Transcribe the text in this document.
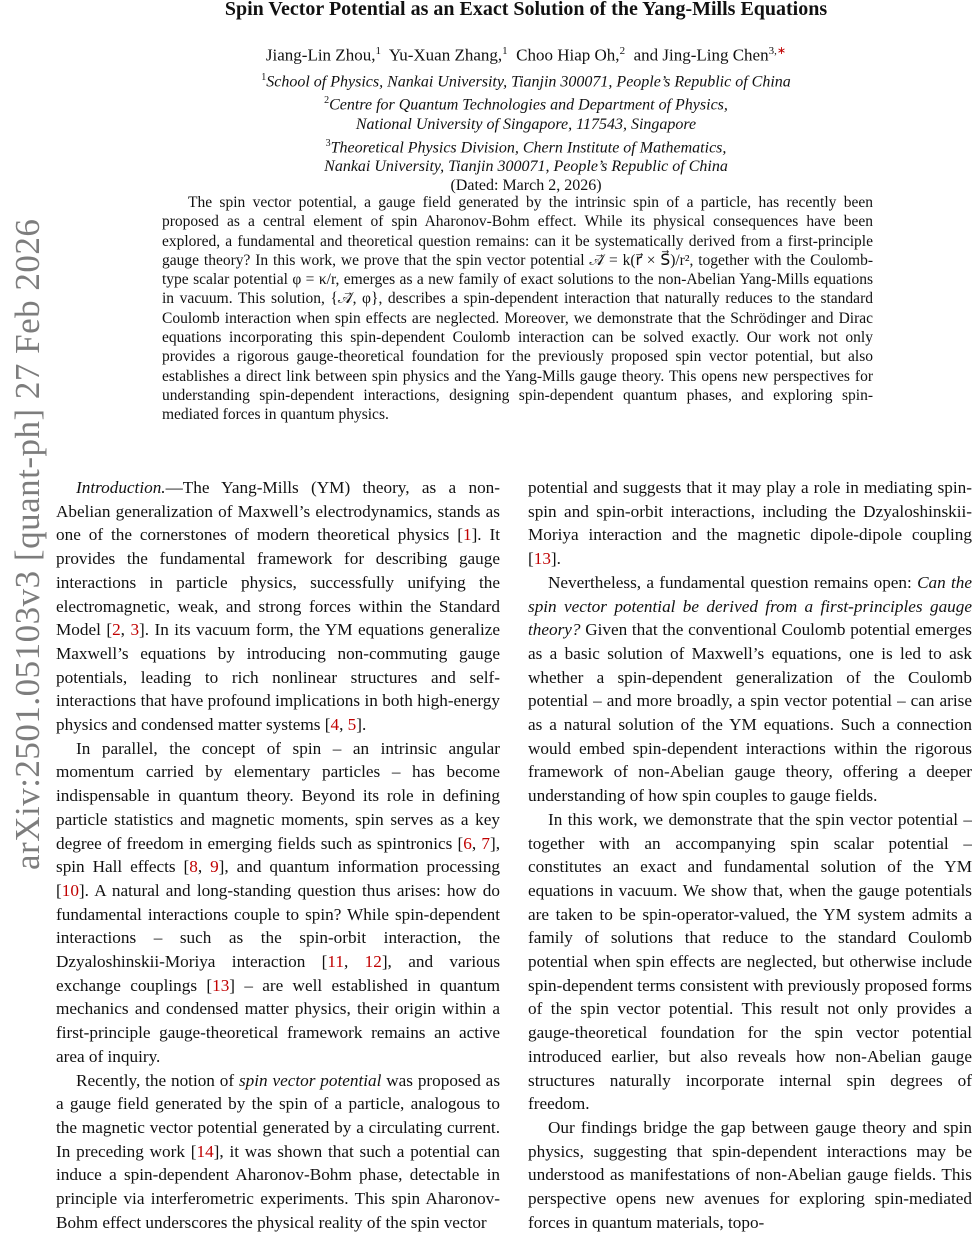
arXiv:2501.05103v3 [quant-ph] 27 Feb 2026
Spin Vector Potential as an Exact Solution of the Yang-Mills Equations
Jiang-Lin Zhou,$^1$ Yu-Xuan Zhang,$^1$ Choo Hiap Oh,$^2$ and Jing-Ling Chen$^{3,∗}$
$^1$School of Physics, Nankai University, Tianjin 300071, People’s Republic of China
$^2$Centre for Quantum Technologies and Department of Physics,
National University of Singapore, 117543, Singapore
$^3$Theoretical Physics Division, Chern Institute of Mathematics,
Nankai University, Tianjin 300071, People’s Republic of China
(Dated: March 2, 2026)
The spin vector potential, a gauge field generated by the intrinsic spin of a particle, has recently been proposed as a central element of spin Aharonov-Bohm effect. While its physical consequences have been explored, a fundamental and theoretical question remains: can it be systematically derived from a first-principle gauge theory? In this work, we prove that the spin vector potential 𝒜⃗ = k(r⃗ × S⃗)/r², together with the Coulomb-type scalar potential φ = κ/r, emerges as a new family of exact solutions to the non-Abelian Yang-Mills equations in vacuum. This solution, {𝒜⃗, φ}, describes a spin-dependent interaction that naturally reduces to the standard Coulomb interaction when spin effects are neglected. Moreover, we demonstrate that the Schrödinger and Dirac equations incorporating this spin-dependent Coulomb interaction can be solved exactly. Our work not only provides a rigorous gauge-theoretical foundation for the previously proposed spin vector potential, but also establishes a direct link between spin physics and the Yang-Mills gauge theory. This opens new perspectives for understanding spin-dependent interactions, designing spin-dependent quantum phases, and exploring spin-mediated forces in quantum physics.

Introduction.—The Yang-Mills (YM) theory, as a non-Abelian generalization of Maxwell’s electrodynamics, stands as one of the cornerstones of modern theoretical physics [1]. It provides the fundamental framework for describing gauge interactions in particle physics, successfully unifying the electromagnetic, weak, and strong forces within the Standard Model [2, 3]. In its vacuum form, the YM equations generalize Maxwell’s equations by introducing non-commuting gauge potentials, leading to rich nonlinear structures and self-interactions that have profound implications in both high-energy physics and condensed matter systems [4, 5].

In parallel, the concept of spin – an intrinsic angular momentum carried by elementary particles – has become indispensable in quantum theory. Beyond its role in defining particle statistics and magnetic moments, spin serves as a key degree of freedom in emerging fields such as spintronics [6, 7], spin Hall effects [8, 9], and quantum information processing [10]. A natural and long-standing question thus arises: how do fundamental interactions couple to spin? While spin-dependent interactions – such as the spin-orbit interaction, the Dzyaloshinskii-Moriya interaction [11, 12], and various exchange couplings [13] – are well established in quantum mechanics and condensed matter physics, their origin within a first-principle gauge-theoretical framework remains an active area of inquiry.

Recently, the notion of spin vector potential was proposed as a gauge field generated by the spin of a particle, analogous to the magnetic vector potential generated by a circulating current. In preceding work [14], it was shown that such a potential can induce a spin-dependent Aharonov-Bohm phase, detectable in principle via interferometric experiments. This spin Aharonov-Bohm effect underscores the physical reality of the spin vector

potential and suggests that it may play a role in mediating spin-spin and spin-orbit interactions, including the Dzyaloshinskii-Moriya interaction and the magnetic dipole-dipole coupling [13].

Nevertheless, a fundamental question remains open: Can the spin vector potential be derived from a first-principles gauge theory? Given that the conventional Coulomb potential emerges as a basic solution of Maxwell’s equations, one is led to ask whether a spin-dependent generalization of the Coulomb potential – and more broadly, a spin vector potential – can arise as a natural solution of the YM equations. Such a connection would embed spin-dependent interactions within the rigorous framework of non-Abelian gauge theory, offering a deeper understanding of how spin couples to gauge fields.

In this work, we demonstrate that the spin vector potential – together with an accompanying spin scalar potential – constitutes an exact and fundamental solution of the YM equations in vacuum. We show that, when the gauge potentials are taken to be spin-operator-valued, the YM system admits a family of solutions that reduce to the standard Coulomb potential when spin effects are neglected, but otherwise include spin-dependent terms consistent with previously proposed forms of the spin vector potential. This result not only provides a gauge-theoretical foundation for the spin vector potential introduced earlier, but also reveals how non-Abelian gauge structures naturally incorporate internal spin degrees of freedom.

Our findings bridge the gap between gauge theory and spin physics, suggesting that spin-dependent interactions may be understood as manifestations of non-Abelian gauge fields. This perspective opens new avenues for exploring spin-mediated forces in quantum materials, topo-
